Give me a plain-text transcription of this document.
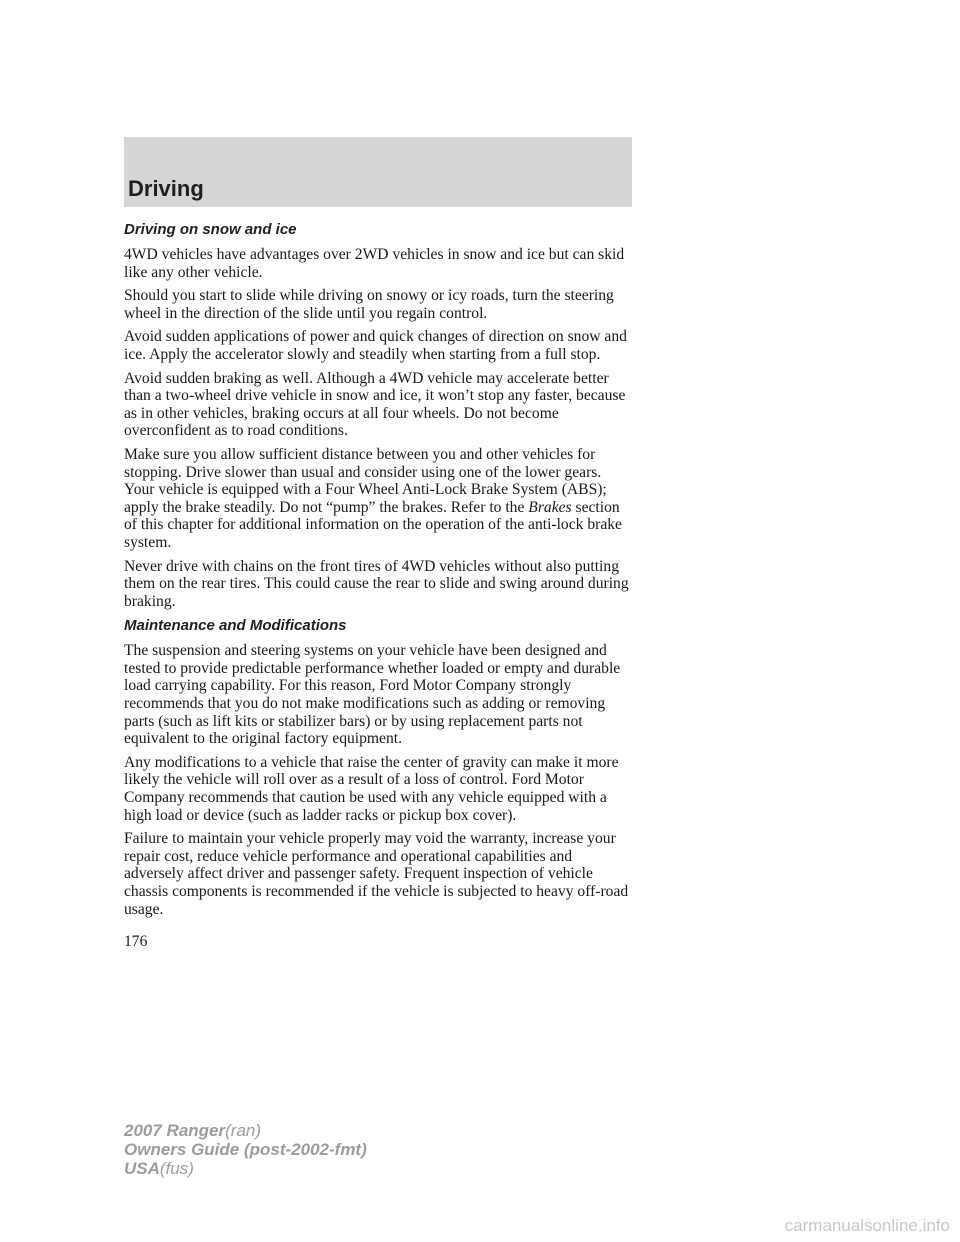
Driving
Driving on snow and ice

4WD vehicles have advantages over 2WD vehicles in snow and ice but can skid like any other vehicle.

Should you start to slide while driving on snowy or icy roads, turn the steering wheel in the direction of the slide until you regain control.

Avoid sudden applications of power and quick changes of direction on snow and ice. Apply the accelerator slowly and steadily when starting from a full stop.

Avoid sudden braking as well. Although a 4WD vehicle may accelerate better than a two-wheel drive vehicle in snow and ice, it won’t stop any faster, because as in other vehicles, braking occurs at all four wheels. Do not become overconfident as to road conditions.

Make sure you allow sufficient distance between you and other vehicles for stopping. Drive slower than usual and consider using one of the lower gears. Your vehicle is equipped with a Four Wheel Anti-Lock Brake System (ABS); apply the brake steadily. Do not “pump” the brakes. Refer to the Brakes section of this chapter for additional information on the operation of the anti-lock brake system.

Never drive with chains on the front tires of 4WD vehicles without also putting them on the rear tires. This could cause the rear to slide and swing around during braking.

Maintenance and Modifications

The suspension and steering systems on your vehicle have been designed and tested to provide predictable performance whether loaded or empty and durable load carrying capability. For this reason, Ford Motor Company strongly recommends that you do not make modifications such as adding or removing parts (such as lift kits or stabilizer bars) or by using replacement parts not equivalent to the original factory equipment.

Any modifications to a vehicle that raise the center of gravity can make it more likely the vehicle will roll over as a result of a loss of control. Ford Motor Company recommends that caution be used with any vehicle equipped with a high load or device (such as ladder racks or pickup box cover).

Failure to maintain your vehicle properly may void the warranty, increase your repair cost, reduce vehicle performance and operational capabilities and adversely affect driver and passenger safety. Frequent inspection of vehicle chassis components is recommended if the vehicle is subjected to heavy off-road usage.

176
2007 Ranger(ran)
Owners Guide (post-2002-fmt)
USA(fus)
carmanualsonline.info
